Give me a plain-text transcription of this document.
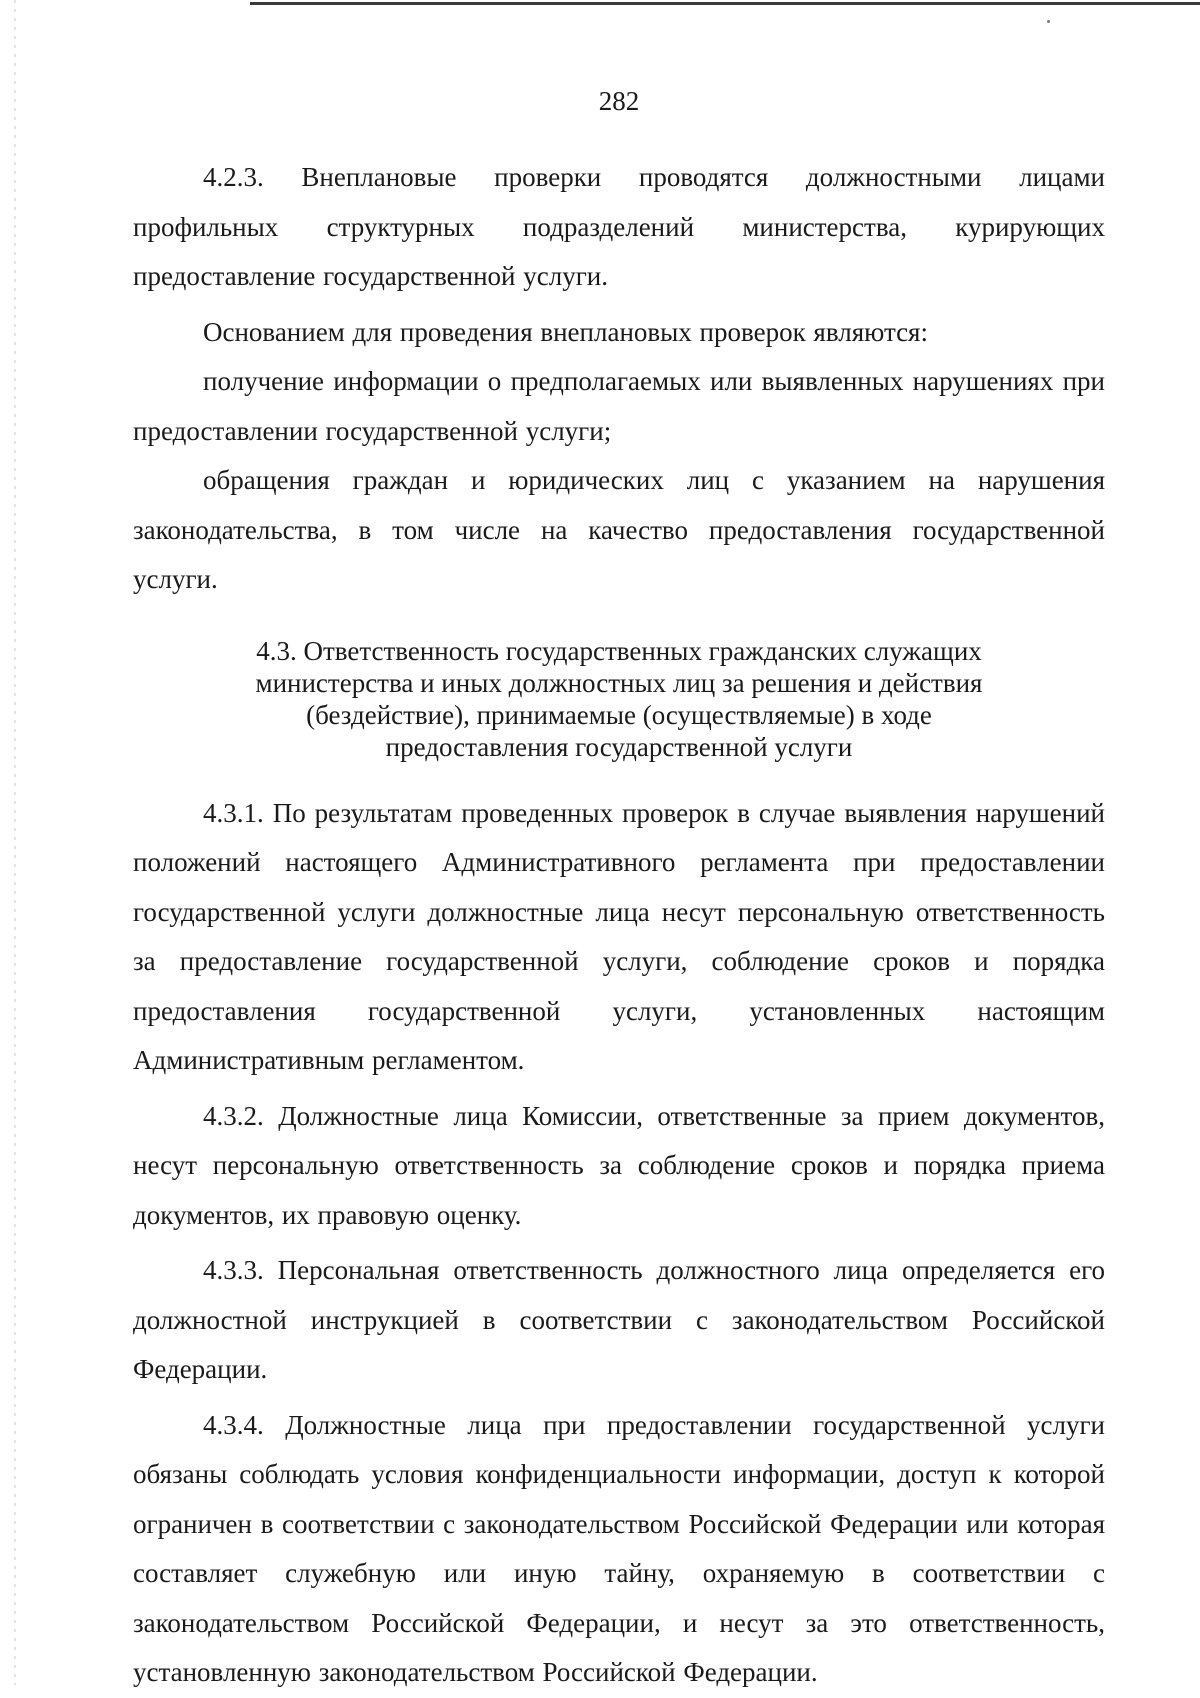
282

4.2.3. Внеплановые проверки проводятся должностными лицами профильных структурных подразделений министерства, курирующих предоставление государственной услуги.

Основанием для проведения внеплановых проверок являются:

получение информации о предполагаемых или выявленных нарушениях при предоставлении государственной услуги;

обращения граждан и юридических лиц с указанием на нарушения законодательства, в том числе на качество предоставления государственной услуги.

4.3. Ответственность государственных гражданских служащих
министерства и иных должностных лиц за решения и действия
(бездействие), принимаемые (осуществляемые) в ходе
предоставления государственной услуги

4.3.1. По результатам проведенных проверок в случае выявления нарушений положений настоящего Административного регламента при предоставлении государственной услуги должностные лица несут персональную ответственность за предоставление государственной услуги, соблюдение сроков и порядка предоставления государственной услуги, установленных настоящим Административным регламентом.

4.3.2. Должностные лица Комиссии, ответственные за прием документов, несут персональную ответственность за соблюдение сроков и порядка приема документов, их правовую оценку.

4.3.3. Персональная ответственность должностного лица определяется его должностной инструкцией в соответствии с законодательством Российской Федерации.

4.3.4. Должностные лица при предоставлении государственной услуги обязаны соблюдать условия конфиденциальности информации, доступ к которой ограничен в соответствии с законодательством Российской Федерации или которая составляет служебную или иную тайну, охраняемую в соответствии с законодательством Российской Федерации, и несут за это ответственность, установленную законодательством Российской Федерации.
